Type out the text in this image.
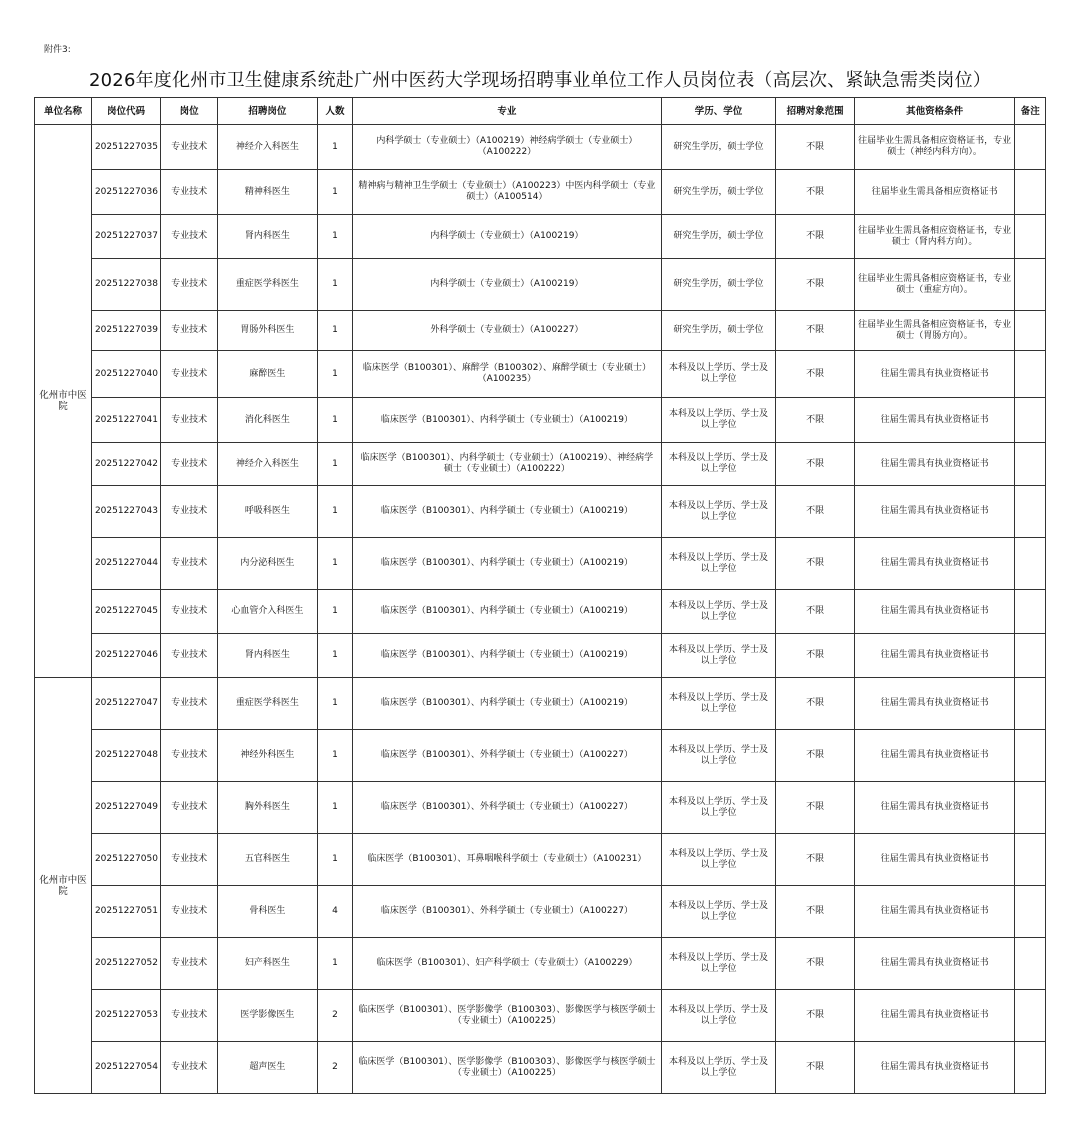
附件3:
2026年度化州市卫生健康系统赴广州中医药大学现场招聘事业单位工作人员岗位表（高层次、紧缺急需类岗位）
单位名称	岗位代码	岗位	招聘岗位	人数	专业	学历、学位	招聘对象范围	其他资格条件	备注
化州市中医院	20251227035	专业技术	神经介入科医生	1	内科学硕士（专业硕士）（A100219）神经病学硕士（专业硕士）（A100222）	研究生学历，硕士学位	不限	往届毕业生需具备相应资格证书，专业硕士（神经内科方向）。	
	20251227036	专业技术	精神科医生	1	精神病与精神卫生学硕士（专业硕士）（A100223）中医内科学硕士（专业硕士）（A100514）	研究生学历，硕士学位	不限	往届毕业生需具备相应资格证书	
	20251227037	专业技术	肾内科医生	1	内科学硕士（专业硕士）（A100219）	研究生学历，硕士学位	不限	往届毕业生需具备相应资格证书，专业硕士（肾内科方向）。	
	20251227038	专业技术	重症医学科医生	1	内科学硕士（专业硕士）（A100219）	研究生学历，硕士学位	不限	往届毕业生需具备相应资格证书，专业硕士（重症方向）。	
	20251227039	专业技术	胃肠外科医生	1	外科学硕士（专业硕士）（A100227）	研究生学历，硕士学位	不限	往届毕业生需具备相应资格证书，专业硕士（胃肠方向）。	
	20251227040	专业技术	麻醉医生	1	临床医学（B100301）、麻醉学（B100302）、麻醉学硕士（专业硕士）（A100235）	本科及以上学历、学士及以上学位	不限	往届生需具有执业资格证书	
	20251227041	专业技术	消化科医生	1	临床医学（B100301）、内科学硕士（专业硕士）（A100219）	本科及以上学历、学士及以上学位	不限	往届生需具有执业资格证书	
	20251227042	专业技术	神经介入科医生	1	临床医学（B100301）、内科学硕士（专业硕士）（A100219）、神经病学硕士（专业硕士）（A100222）	本科及以上学历、学士及以上学位	不限	往届生需具有执业资格证书	
	20251227043	专业技术	呼吸科医生	1	临床医学（B100301）、内科学硕士（专业硕士）（A100219）	本科及以上学历、学士及以上学位	不限	往届生需具有执业资格证书	
	20251227044	专业技术	内分泌科医生	1	临床医学（B100301）、内科学硕士（专业硕士）（A100219）	本科及以上学历、学士及以上学位	不限	往届生需具有执业资格证书	
	20251227045	专业技术	心血管介入科医生	1	临床医学（B100301）、内科学硕士（专业硕士）（A100219）	本科及以上学历、学士及以上学位	不限	往届生需具有执业资格证书	
	20251227046	专业技术	肾内科医生	1	临床医学（B100301）、内科学硕士（专业硕士）（A100219）	本科及以上学历、学士及以上学位	不限	往届生需具有执业资格证书	
化州市中医院	20251227047	专业技术	重症医学科医生	1	临床医学（B100301）、内科学硕士（专业硕士）（A100219）	本科及以上学历、学士及以上学位	不限	往届生需具有执业资格证书	
	20251227048	专业技术	神经外科医生	1	临床医学（B100301）、外科学硕士（专业硕士）（A100227）	本科及以上学历、学士及以上学位	不限	往届生需具有执业资格证书	
	20251227049	专业技术	胸外科医生	1	临床医学（B100301）、外科学硕士（专业硕士）（A100227）	本科及以上学历、学士及以上学位	不限	往届生需具有执业资格证书	
	20251227050	专业技术	五官科医生	1	临床医学（B100301）、耳鼻咽喉科学硕士（专业硕士）（A100231）	本科及以上学历、学士及以上学位	不限	往届生需具有执业资格证书	
	20251227051	专业技术	骨科医生	4	临床医学（B100301）、外科学硕士（专业硕士）（A100227）	本科及以上学历、学士及以上学位	不限	往届生需具有执业资格证书	
	20251227052	专业技术	妇产科医生	1	临床医学（B100301）、妇产科学硕士（专业硕士）（A100229）	本科及以上学历、学士及以上学位	不限	往届生需具有执业资格证书	
	20251227053	专业技术	医学影像医生	2	临床医学（B100301）、医学影像学（B100303）、影像医学与核医学硕士（专业硕士）（A100225）	本科及以上学历、学士及以上学位	不限	往届生需具有执业资格证书	
	20251227054	专业技术	超声医生	2	临床医学（B100301）、医学影像学（B100303）、影像医学与核医学硕士（专业硕士）（A100225）	本科及以上学历、学士及以上学位	不限	往届生需具有执业资格证书	
